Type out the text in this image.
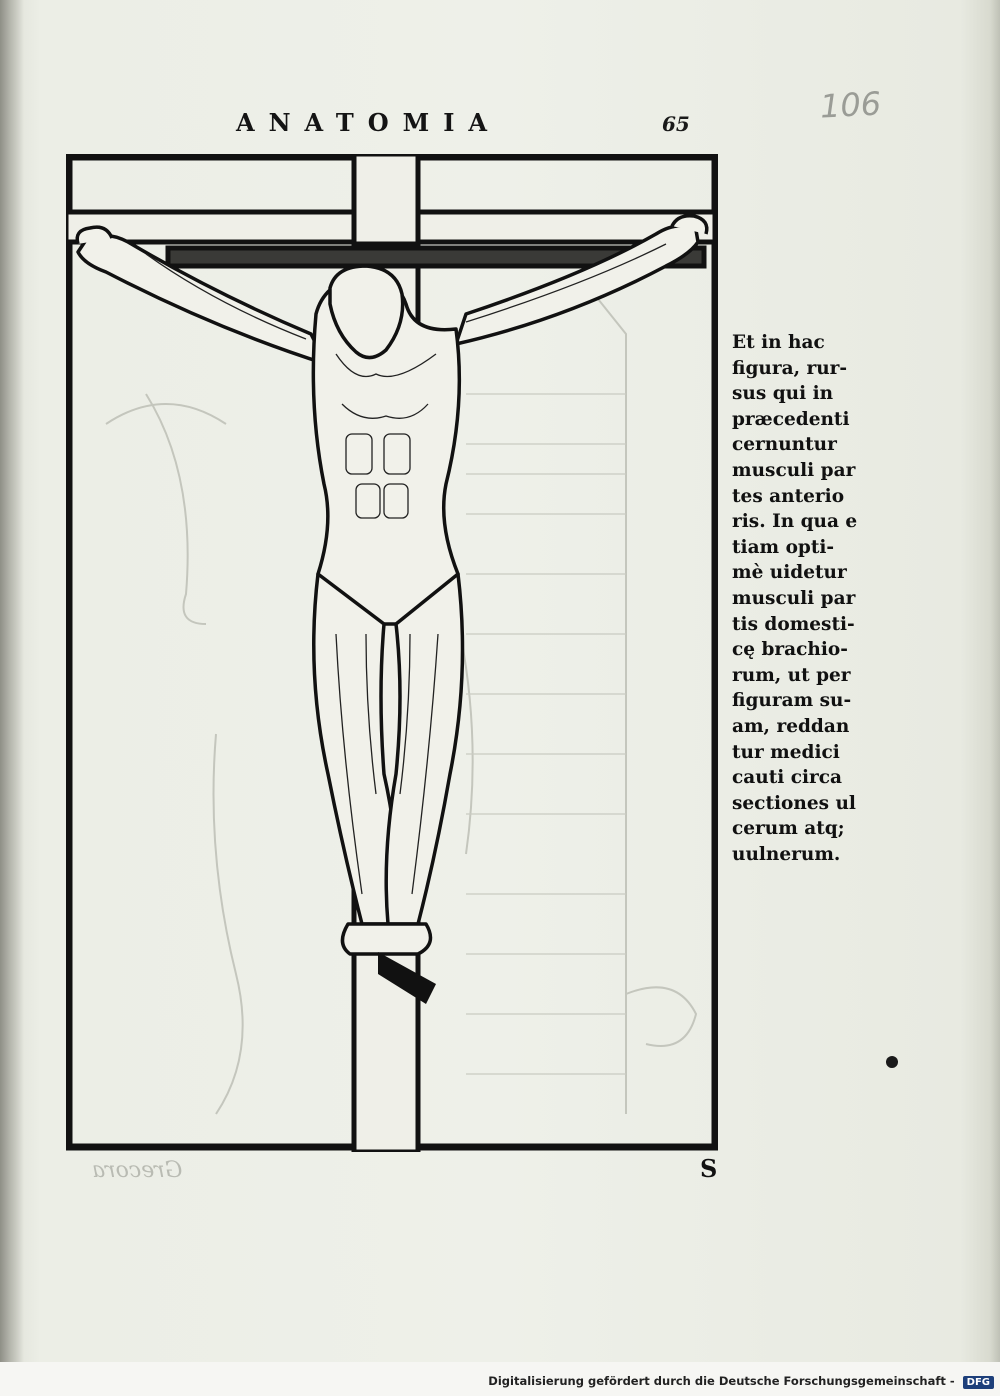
106
ANATOMIA	65
Et in hac
figura, rur-
sus qui in
præcedenti
cernuntur
musculi par
tes anterio
ris. In qua e
tiam opti-
mè uidetur
musculi par
tis domesti-
cę brachio-
rum, ut per
figuram su-
am, reddan
tur medici
cauti circa
sectiones ul
cerum atq;
uulnerum.
Grecora	S
Digitalisierung gefördert durch die Deutsche Forschungsgemeinschaft - DFG
